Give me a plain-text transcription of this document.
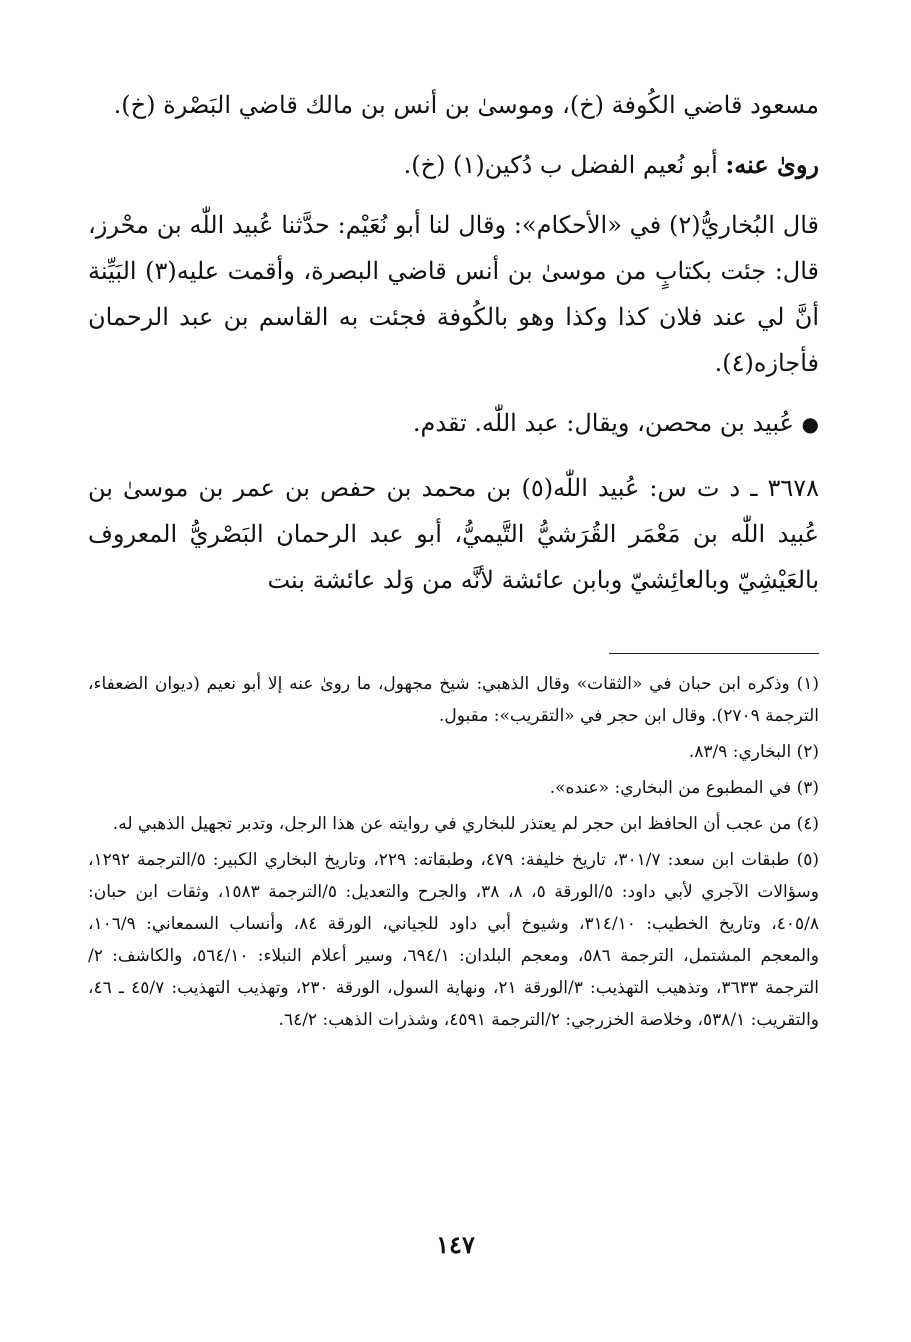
مسعود قاضي الكُوفة (خ)، وموسىٰ بن أنس بن مالك قاضي البَصْرة (خ).

روىٰ عنه: أبو نُعيم الفضل ب دُكين(١) (خ).

قال البُخاريُّ(٢) في «الأحكام»: وقال لنا أبو نُعَيْم: حدَّثنا عُبيد اللّٰه بن محْرز، قال: جئت بكتابٍ من موسىٰ بن أنس قاضي البصرة، وأقمت عليه(٣) البَيِّنة أنَّ لي عند فلان كذا وكذا وهو بالكُوفة فجئت به القاسم بن عبد الرحمان فأجازه(٤).

● عُبيد بن محصن، ويقال: عبد اللّٰه. تقدم.

٣٦٧٨ ـ د ت س: عُبيد اللّٰه(٥) بن محمد بن حفص بن عمر بن موسىٰ بن عُبيد اللّٰه بن مَعْمَر القُرَشيُّ التَّيميُّ، أبو عبد الرحمان البَصْريُّ المعروف بالعَيْشِيّ وبالعائِشيّ وبابن عائشة لأنَّه من وَلد عائشة بنت

(١) وذكره ابن حبان في «الثقات» وقال الذهبي: شيخ مجهول، ما روىٰ عنه إلا أبو نعيم (ديوان الضعفاء، الترجمة ٢٧٠٩). وقال ابن حجر في «التقريب»: مقبول.

(٢) البخاري: ٨٣/٩.

(٣) في المطبوع من البخاري: «عنده».

(٤) من عجب أن الحافظ ابن حجر لم يعتذر للبخاري في روايته عن هذا الرجل، وتدبر تجهيل الذهبي له.

(٥) طبقات ابن سعد: ٣٠١/٧، تاريخ خليفة: ٤٧٩، وطبقاته: ٢٢٩، وتاريخ البخاري الكبير: ٥/الترجمة ١٢٩٢، وسؤالات الآجري لأبي داود: ٥/الورقة ٥، ٨، ٣٨، والجرح والتعديل: ٥/الترجمة ١٥٨٣، وثقات ابن حبان: ٤٠٥/٨، وتاريخ الخطيب: ٣١٤/١٠، وشيوخ أبي داود للجياني، الورقة ٨٤، وأنساب السمعاني: ١٠٦/٩، والمعجم المشتمل، الترجمة ٥٨٦، ومعجم البلدان: ٦٩٤/١، وسير أعلام النبلاء: ٥٦٤/١٠، والكاشف: ٢/الترجمة ٣٦٣٣، وتذهيب التهذيب: ٣/الورقة ٢١، ونهاية السول، الورقة ٢٣٠، وتهذيب التهذيب: ٤٥/٧ ـ ٤٦، والتقريب: ٥٣٨/١، وخلاصة الخزرجي: ٢/الترجمة ٤٥٩١، وشذرات الذهب: ٦٤/٢.

١٤٧
